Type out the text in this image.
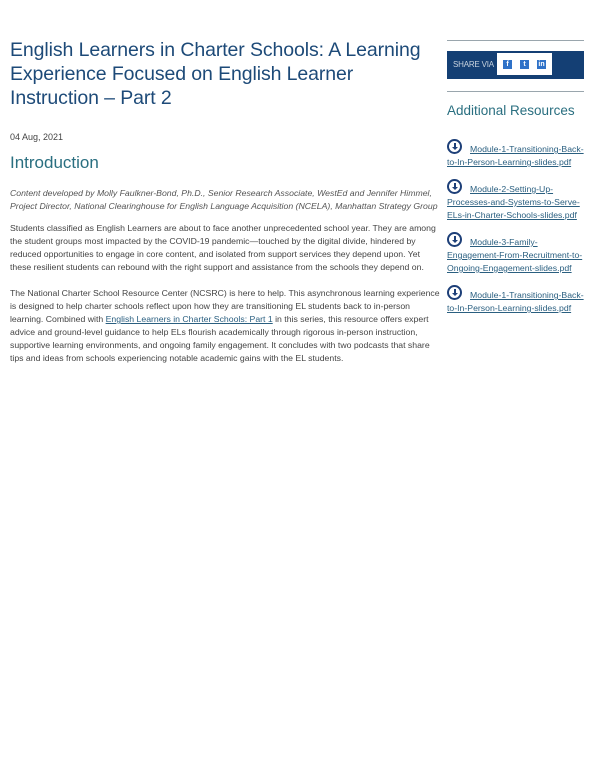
English Learners in Charter Schools: A Learning Experience Focused on English Learner Instruction – Part 2
04 Aug, 2021
Introduction
Content developed by Molly Faulkner-Bond, Ph.D., Senior Research Associate, WestEd and Jennifer Himmel, Project Director, National Clearinghouse for English Language Acquisition (NCELA), Manhattan Strategy Group

Students classified as English Learners are about to face another unprecedented school year. They are among the student groups most impacted by the COVID-19 pandemic—touched by the digital divide, hindered by reduced opportunities to engage in core content, and isolated from support services they depend upon. Yet these resilient students can rebound with the right support and assistance from the schools they depend on.

The National Charter School Resource Center (NCSRC) is here to help. This asynchronous learning experience is designed to help charter schools reflect upon how they are transitioning EL students back to in-person learning. Combined with English Learners in Charter Schools: Part 1 in this series, this resource offers expert advice and ground-level guidance to help ELs flourish academically through rigorous in-person instruction, supportive learning environments, and ongoing family engagement. It concludes with two podcasts that share tips and ideas from schools experiencing notable academic gains with the EL students.

SHARE VIA	f	t	in
Additional Resources
Module-1-Transitioning-Back-to-In-Person-Learning-slides.pdf
Module-2-Setting-Up-Processes-and-Systems-to-Serve-ELs-in-Charter-Schools-slides.pdf
Module-3-Family-Engagement-From-Recruitment-to-Ongoing-Engagement-slides.pdf
Module-1-Transitioning-Back-to-In-Person-Learning-slides.pdf
